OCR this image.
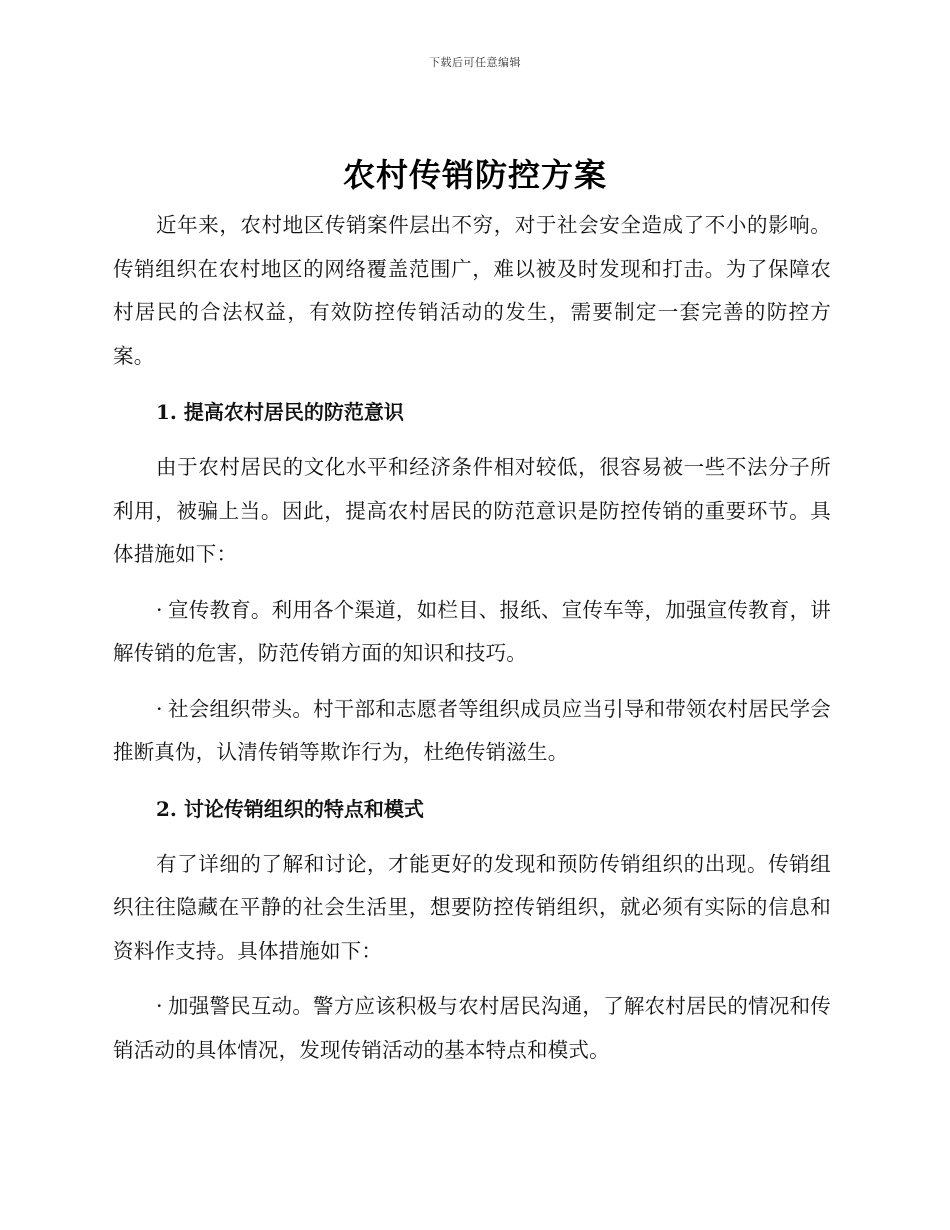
下载后可任意编辑
农村传销防控方案

近年来，农村地区传销案件层出不穷，对于社会安全造成了不小的影响。传销组织在农村地区的网络覆盖范围广，难以被及时发现和打击。为了保障农村居民的合法权益，有效防控传销活动的发生，需要制定一套完善的防控方案。

1. 提高农村居民的防范意识

由于农村居民的文化水平和经济条件相对较低，很容易被一些不法分子所利用，被骗上当。因此，提高农村居民的防范意识是防控传销的重要环节。具体措施如下：

· 宣传教育。利用各个渠道，如栏目、报纸、宣传车等，加强宣传教育，讲解传销的危害，防范传销方面的知识和技巧。

· 社会组织带头。村干部和志愿者等组织成员应当引导和带领农村居民学会推断真伪，认清传销等欺诈行为，杜绝传销滋生。

2. 讨论传销组织的特点和模式

有了详细的了解和讨论，才能更好的发现和预防传销组织的出现。传销组织往往隐藏在平静的社会生活里，想要防控传销组织，就必须有实际的信息和资料作支持。具体措施如下：

· 加强警民互动。警方应该积极与农村居民沟通，了解农村居民的情况和传销活动的具体情况，发现传销活动的基本特点和模式。
